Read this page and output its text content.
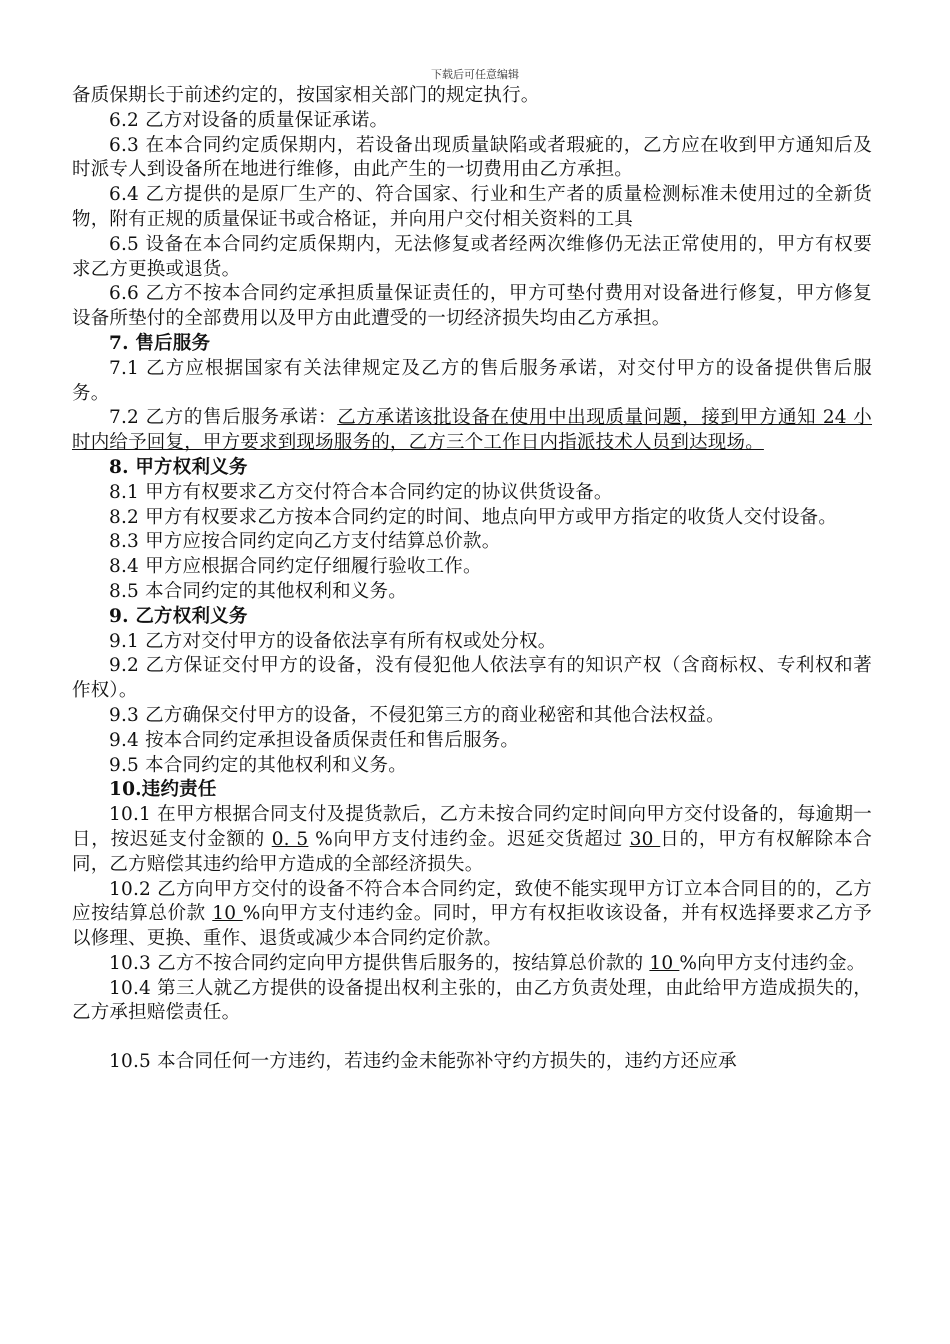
下载后可任意编辑

备质保期长于前述约定的，按国家相关部门的规定执行。

6.2 乙方对设备的质量保证承诺。

6.3 在本合同约定质保期内，若设备出现质量缺陷或者瑕疵的，乙方应在收到甲方通知后及时派专人到设备所在地进行维修，由此产生的一切费用由乙方承担。

6.4 乙方提供的是原厂生产的、符合国家、行业和生产者的质量检测标准未使用过的全新货物，附有正规的质量保证书或合格证，并向用户交付相关资料的工具

6.5 设备在本合同约定质保期内，无法修复或者经两次维修仍无法正常使用的，甲方有权要求乙方更换或退货。

6.6 乙方不按本合同约定承担质量保证责任的，甲方可垫付费用对设备进行修复，甲方修复设备所垫付的全部费用以及甲方由此遭受的一切经济损失均由乙方承担。

7. 售后服务

7.1 乙方应根据国家有关法律规定及乙方的售后服务承诺，对交付甲方的设备提供售后服务。

7.2 乙方的售后服务承诺：乙方承诺该批设备在使用中出现质量问题，接到甲方通知 24 小时内给予回复，甲方要求到现场服务的，乙方三个工作日内指派技术人员到达现场。

8. 甲方权利义务

8.1 甲方有权要求乙方交付符合本合同约定的协议供货设备。

8.2 甲方有权要求乙方按本合同约定的时间、地点向甲方或甲方指定的收货人交付设备。

8.3 甲方应按合同约定向乙方支付结算总价款。

8.4 甲方应根据合同约定仔细履行验收工作。

8.5 本合同约定的其他权利和义务。

9. 乙方权利义务

9.1 乙方对交付甲方的设备依法享有所有权或处分权。

9.2 乙方保证交付甲方的设备，没有侵犯他人依法享有的知识产权（含商标权、专利权和著作权）。

9.3 乙方确保交付甲方的设备，不侵犯第三方的商业秘密和其他合法权益。

9.4 按本合同约定承担设备质保责任和售后服务。

9.5 本合同约定的其他权利和义务。

10.违约责任

10.1 在甲方根据合同支付及提货款后，乙方未按合同约定时间向甲方交付设备的，每逾期一日，按迟延支付金额的 0. 5 %向甲方支付违约金。迟延交货超过 30 日的，甲方有权解除本合同，乙方赔偿其违约给甲方造成的全部经济损失。

10.2 乙方向甲方交付的设备不符合本合同约定，致使不能实现甲方订立本合同目的的，乙方应按结算总价款 10 %向甲方支付违约金。同时，甲方有权拒收该设备，并有权选择要求乙方予以修理、更换、重作、退货或减少本合同约定价款。

10.3 乙方不按合同约定向甲方提供售后服务的，按结算总价款的 10 %向甲方支付违约金。

10.4 第三人就乙方提供的设备提出权利主张的，由乙方负责处理，由此给甲方造成损失的，乙方承担赔偿责任。

10.5 本合同任何一方违约，若违约金未能弥补守约方损失的，违约方还应承
